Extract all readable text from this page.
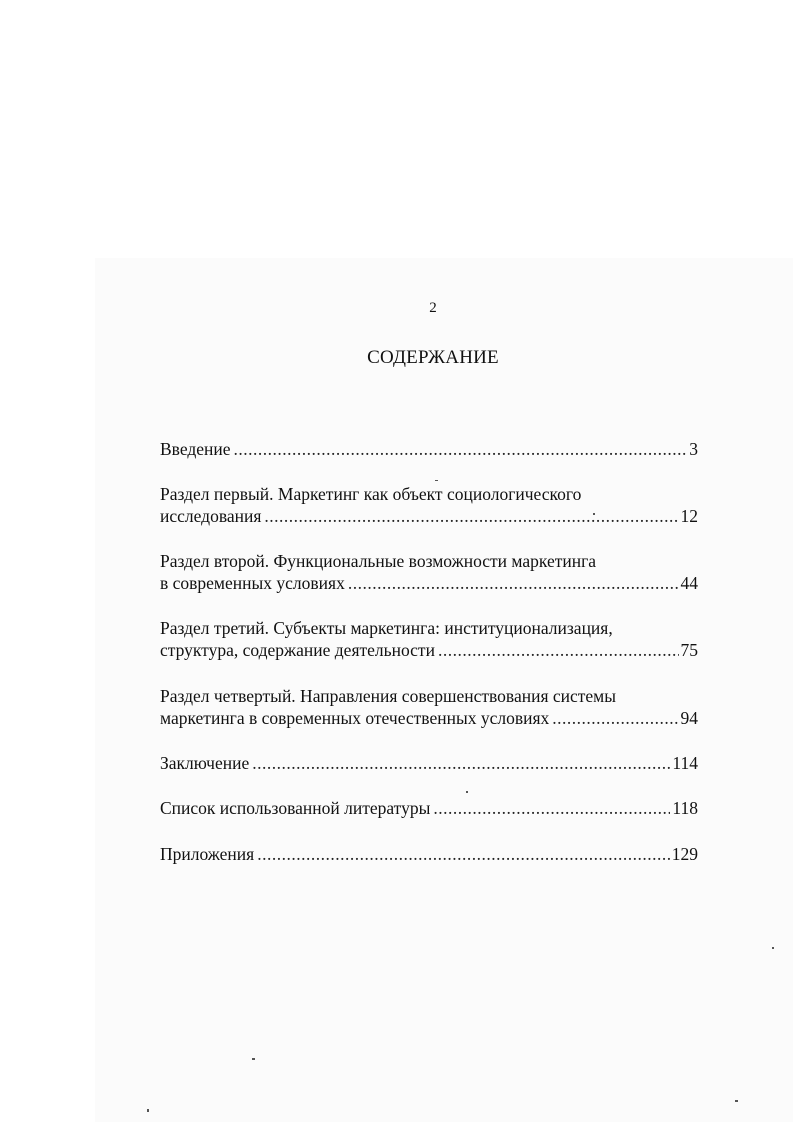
2
СОДЕРЖАНИЕ
Введение .....	3
Раздел первый. Маркетинг как объект социологического
исследования .....	12
Раздел второй. Функциональные возможности маркетинга
в современных условиях .....	44
Раздел третий. Субъекты маркетинга: институционализация,
структура, содержание деятельности .....	75
Раздел четвертый. Направления совершенствования системы
маркетинга в современных отечественных условиях .....	94
Заключение .....	114
Список использованной литературы .....	118
Приложения .....	129
